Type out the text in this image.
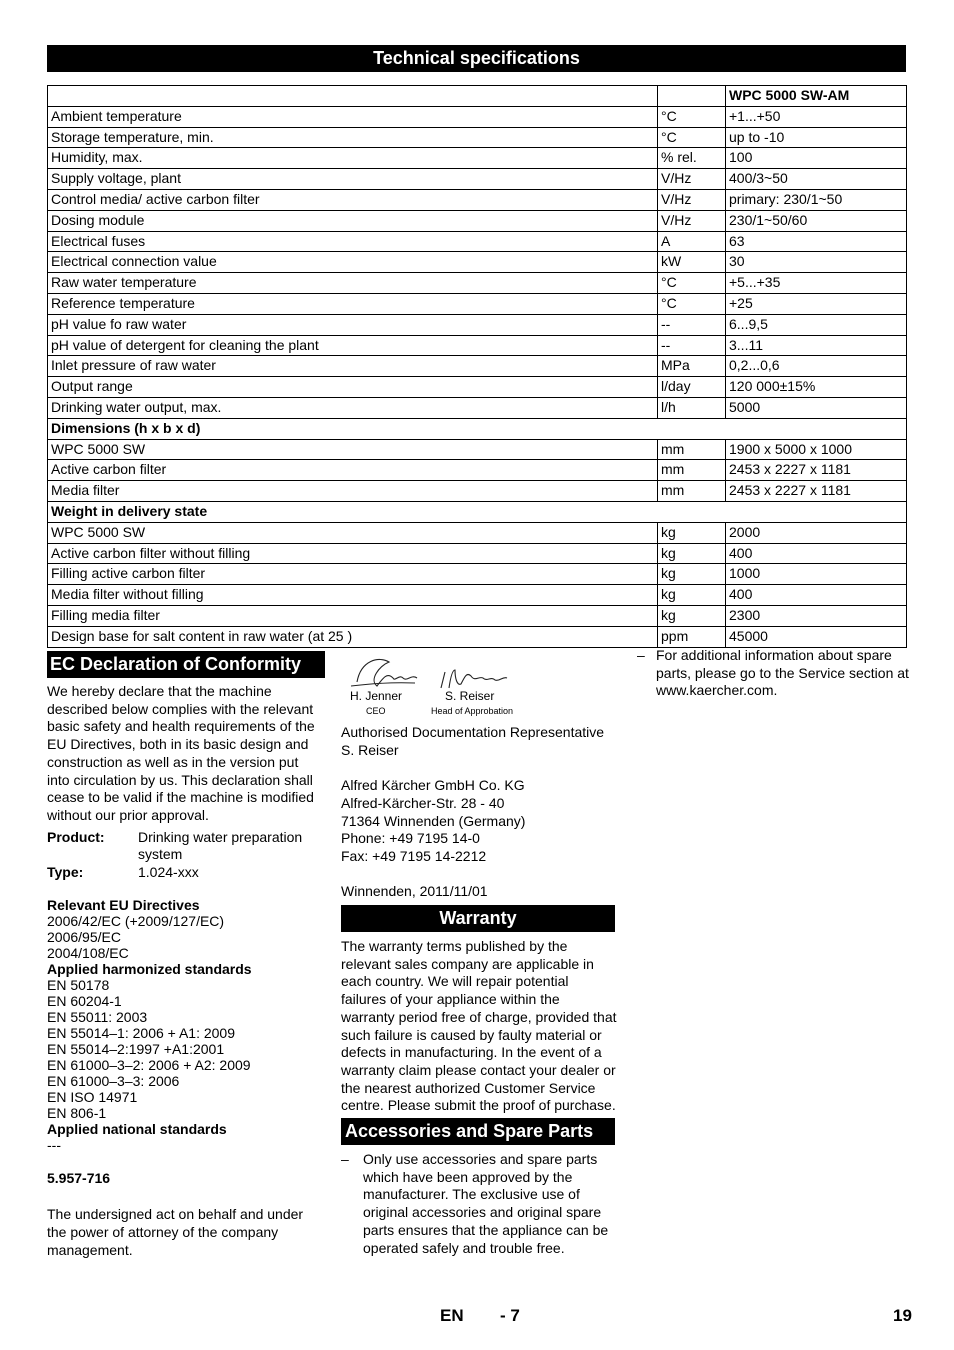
Technical specifications
		WPC 5000 SW-AM
Ambient temperature	°C	+1...+50
Storage temperature, min.	°C	up to -10
Humidity, max.	% rel.	100
Supply voltage, plant	V/Hz	400/3~50
Control media/ active carbon filter	V/Hz	primary: 230/1~50
Dosing module	V/Hz	230/1~50/60
Electrical fuses	A	63
Electrical connection value	kW	30
Raw water temperature	°C	+5...+35
Reference temperature	°C	+25
pH value fo raw water	--	6...9,5
pH value of detergent for cleaning the plant	--	3...11
Inlet pressure of raw water	MPa	0,2...0,6
Output range	l/day	120 000±15%
Drinking water output, max.	l/h	5000
Dimensions (h x b x d)		
WPC 5000 SW	mm	1900 x 5000 x 1000
Active carbon filter	mm	2453 x 2227 x 1181
Media filter	mm	2453 x 2227 x 1181
Weight in delivery state		
WPC 5000 SW	kg	2000
Active carbon filter without filling	kg	400
Filling active carbon filter	kg	1000
Media filter without filling	kg	400
Filling media filter	kg	2300
Design base for salt content in raw water (at 25 )	ppm	45000
EC Declaration of Conformity

We hereby declare that the machine described below complies with the relevant basic safety and health requirements of the EU Directives, both in its basic design and construction as well as in the version put into circulation by us. This declaration shall cease to be valid if the machine is modified without our prior approval.

Product:	Drinking water preparation system
Type:	1.024-xxx

Relevant EU Directives

2006/42/EC (+2009/127/EC)

2006/95/EC

2004/108/EC

Applied harmonized standards

EN 50178

EN 60204-1

EN 55011: 2003

EN 55014–1: 2006 + A1: 2009

EN 55014–2:1997 +A1:2001

EN 61000–3–2: 2006 + A2: 2009

EN 61000–3–3: 2006

EN ISO 14971

EN 806-1

Applied national standards

---

5.957-716

The undersigned act on behalf and under the power of attorney of the company management.

H. Jenner
CEO
S. Reiser
Head of Approbation

Authorised Documentation Representative

S. Reiser

Alfred Kärcher GmbH Co. KG

Alfred-Kärcher-Str. 28 - 40

71364 Winnenden (Germany)

Phone: +49 7195 14-0

Fax: +49 7195 14-2212

Winnenden, 2011/11/01

Warranty

The warranty terms published by the relevant sales company are applicable in each country. We will repair potential failures of your appliance within the warranty period free of charge, provided that such failure is caused by faulty material or defects in manufacturing. In the event of a warranty claim please contact your dealer or the nearest authorized Customer Service centre. Please submit the proof of purchase.

Accessories and Spare Parts
–	Only use accessories and spare parts which have been approved by the manufacturer. The exclusive use of original accessories and original spare parts ensures that the appliance can be operated safely and trouble free.
– For additional information about spare parts, please go to the Service section at www.kaercher.com.
EN - 7	19
